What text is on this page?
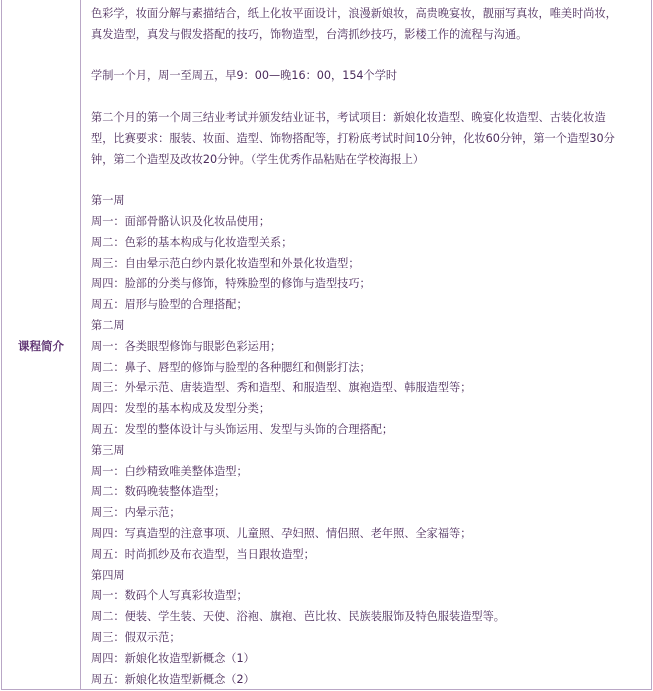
课程简介
色彩学，妆面分解与素描结合，纸上化妆平面设计，浪漫新娘妆，高贵晚宴妆，靓丽写真妆，唯美时尚妆，
真发造型，真发与假发搭配的技巧，饰物造型，台湾抓纱技巧，影楼工作的流程与沟通。
学制一个月，周一至周五，早9：00—晚16：00，154个学时
第二个月的第一个周三结业考试并颁发结业证书，考试项目：新娘化妆造型、晚宴化妆造型、古装化妆造
型，比赛要求：服装、妆面、造型、饰物搭配等，打粉底考试时间10分钟，化妆60分钟，第一个造型30分
钟，第二个造型及改妆20分钟。（学生优秀作品粘贴在学校海报上）
第一周
周一：面部骨骼认识及化妆品使用；
周二：色彩的基本构成与化妆造型关系；
周三：自由晕示范白纱内景化妆造型和外景化妆造型；
周四：脸部的分类与修饰，特殊脸型的修饰与造型技巧；
周五：眉形与脸型的合理搭配；
第二周
周一：各类眼型修饰与眼影色彩运用；
周二：鼻子、唇型的修饰与脸型的各种腮红和侧影打法；
周三：外晕示范、唐装造型、秀和造型、和服造型、旗袍造型、韩服造型等；
周四：发型的基本构成及发型分类；
周五：发型的整体设计与头饰运用、发型与头饰的合理搭配；
第三周
周一：白纱精致唯美整体造型；
周二：数码晚装整体造型；
周三：内晕示范；
周四：写真造型的注意事项、儿童照、孕妇照、情侣照、老年照、全家福等；
周五：时尚抓纱及布衣造型，当日跟妆造型；
第四周
周一：数码个人写真彩妆造型；
周二：便装、学生装、天使、浴袍、旗袍、芭比妆、民族装服饰及特色服装造型等。
周三：假双示范；
周四：新娘化妆造型新概念（1）
周五：新娘化妆造型新概念（2）
